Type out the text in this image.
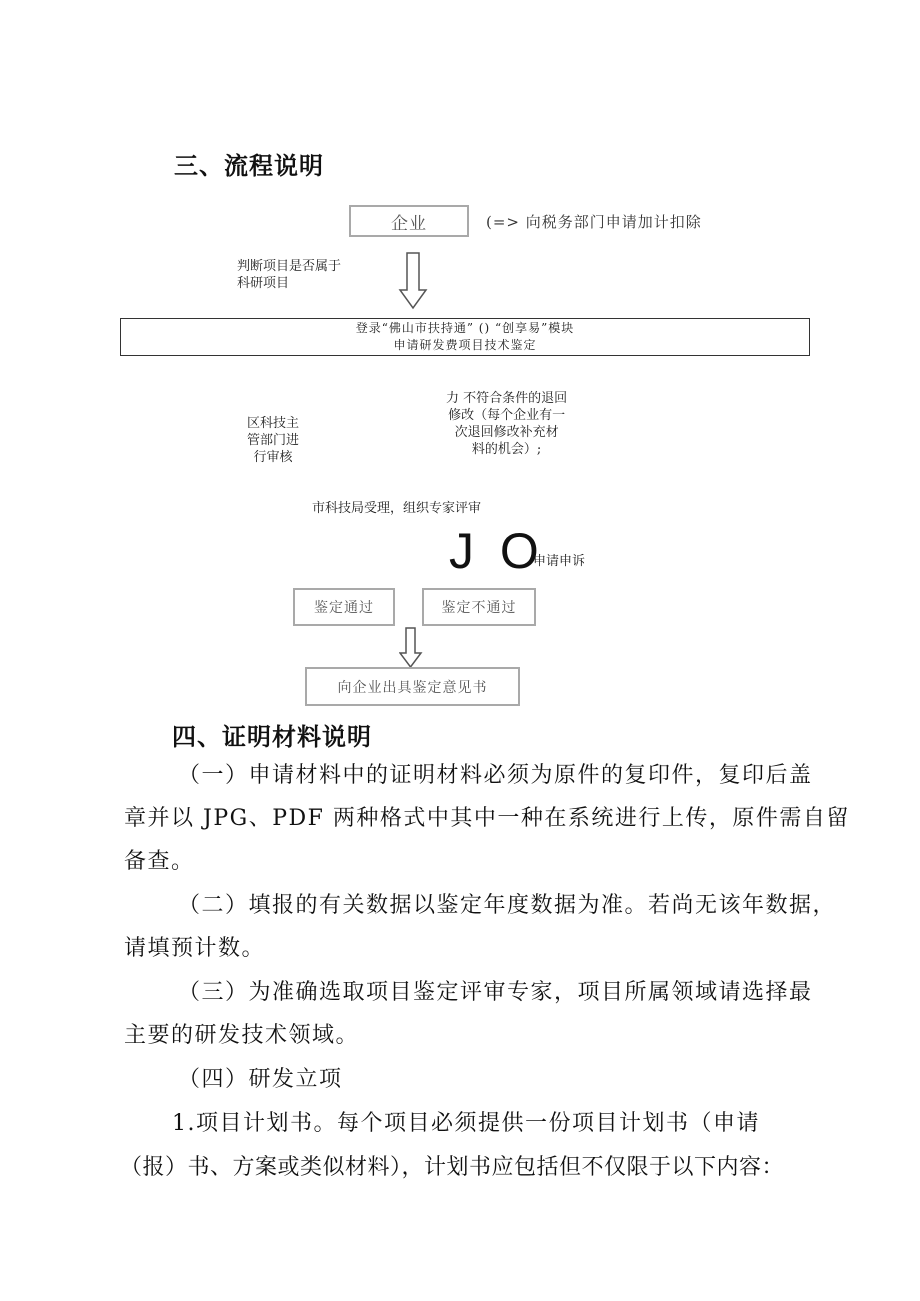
三、流程说明
企业	(=> 向税务部门申请加计扣除
判断项目是否属于
科研项目
登录“佛山市扶持通” () “创享易”模块
申请研发费项目技术鉴定
区科技主
管部门进
行审核
力 不符合条件的退回
修改（每个企业有一
次退回修改补充材
料的机会）;
市科技局受理，组织专家评审
J O
申请申诉
鉴定通过	鉴定不通过
向企业出具鉴定意见书
四、证明材料说明
（一）申请材料中的证明材料必须为原件的复印件，复印后盖
章并以 JPG、PDF 两种格式中其中一种在系统进行上传，原件需自留
备查。
（二）填报的有关数据以鉴定年度数据为准。若尚无该年数据，
请填预计数。
（三）为准确选取项目鉴定评审专家，项目所属领域请选择最
主要的研发技术领域。
（四）研发立项
1.项目计划书。每个项目必须提供一份项目计划书（申请
（报）书、方案或类似材料），计划书应包括但不仅限于以下内容：
